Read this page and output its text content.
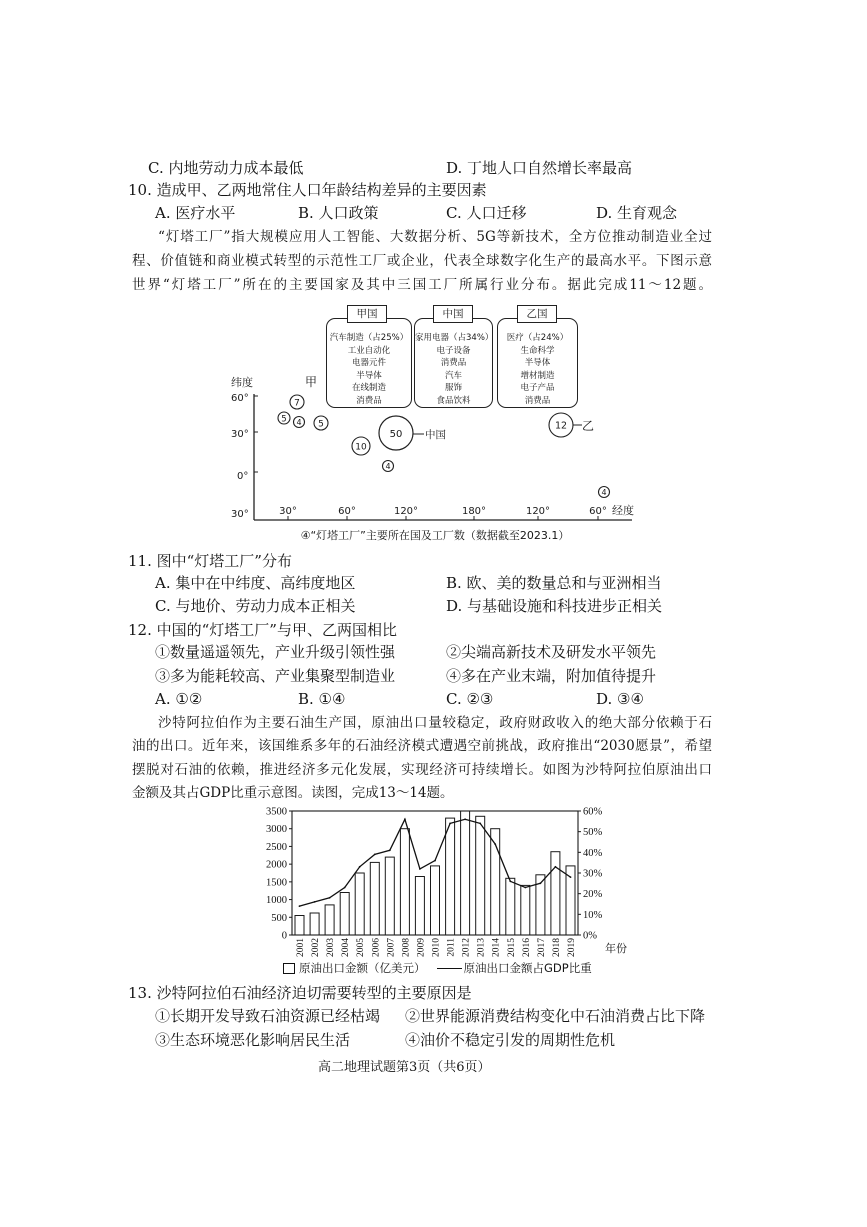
C. 内地劳动力成本最低	D. 丁地人口自然增长率最高
10. 造成甲、乙两地常住人口年龄结构差异的主要因素
A. 医疗水平	B. 人口政策	C. 人口迁移	D. 生育观念
“灯塔工厂”指大规模应用人工智能、大数据分析、5G等新技术，全方位推动制造业全过
程、价值链和商业模式转型的示范性工厂或企业，代表全球数字化生产的最高水平。下图示意
世界“灯塔工厂”所在的主要国家及其中三国工厂所属行业分布。据此完成11～12题。
纬度
60°
30°
0°
30°	30°	60°	120°	180°	120°	60° 经度
7
甲
5 4 5
10
50 中国
4
12 乙
4
汽车制造（占25%）
工业自动化
电器元件
半导体
在线制造
消费品
甲国
家用电器（占34%）
电子设备
消费品
汽车
服饰
食品饮料
中国
医疗（占24%）
生命科学
半导体
增材制造
电子产品
消费品
乙国
④“灯塔工厂”主要所在国及工厂数（数据截至2023.1）
11. 图中“灯塔工厂”分布
A. 集中在中纬度、高纬度地区	B. 欧、美的数量总和与亚洲相当
C. 与地价、劳动力成本正相关	D. 与基础设施和科技进步正相关
12. 中国的“灯塔工厂”与甲、乙两国相比
①数量遥遥领先，产业升级引领性强	②尖端高新技术及研发水平领先
③多为能耗较高、产业集聚型制造业	④多在产业末端，附加值待提升
A. ①②	B. ①④	C. ②③	D. ③④
沙特阿拉伯作为主要石油生产国，原油出口量较稳定，政府财政收入的绝大部分依赖于石
油的出口。近年来，该国维系多年的石油经济模式遭遇空前挑战，政府推出“2030愿景”，希望
摆脱对石油的依赖，推进经济多元化发展，实现经济可持续增长。如图为沙特阿拉伯原油出口
金额及其占GDP比重示意图。读图，完成13～14题。
3500
3000
2500
2000
1500
1000
500
0
60%
50%
40%
30%
20%
10%
0%
2001 2002 2003 2004 2005 2006 2007 2008 2009 2010 2011 2012 2013 2014 2015 2016 2017 2018 2019	年份
原油出口金额（亿美元）	原油出口金额占GDP比重
13. 沙特阿拉伯石油经济迫切需要转型的主要原因是
①长期开发导致石油资源已经枯竭 ②世界能源消费结构变化中石油消费占比下降
③生态环境恶化影响居民生活	④油价不稳定引发的周期性危机
高二地理试题第3页（共6页）
